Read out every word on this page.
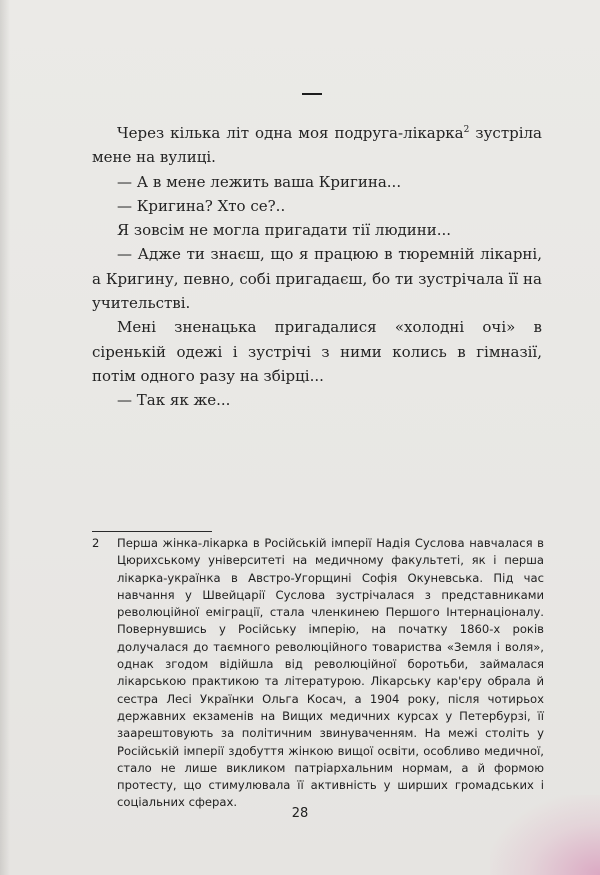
Через кілька літ одна моя подруга-лікарка$^2$ зустріла мене на вулиці.

— А в мене лежить ваша Кригина...

— Кригина? Хто се?..

Я зовсім не могла пригадати тії людини...

— Адже ти знаєш, що я працюю в тюремній лікарні, а Кригину, певно, собі пригадаєш, бо ти зустрічала її на учительстві.

Мені зненацька пригадалися «холодні очі» в сіренькій одежі і зустрічі з ними колись в гімназії, потім одного разу на збірці...

— Так як же...

2	Перша жінка-лікарка в Російській імперії Надія Суслова навчалася в Цюрихському університеті на медичному факультеті, як і перша лікарка-українка в Австро-Угорщині Софія Окуневська. Під час навчання у Швейцарії Суслова зустрічалася з представниками революційної еміграції, стала членкинею Першого Інтернаціоналу. Повернувшись у Російську імперію, на початку 1860-х років долучалася до таємного революційного товариства «Земля і воля», однак згодом відійшла від революційної боротьби, займалася лікарською практикою та літературою. Лікарську кар'єру обрала й сестра Лесі Українки Ольга Косач, а 1904 року, після чотирьох державних екзаменів на Вищих медичних курсах у Петербурзі, її заарештовують за політичним звинуваченням. На межі століть у Російській імперії здобуття жінкою вищої освіти, особливо медичної, стало не лише викликом патріархальним нормам, а й формою протесту, що стимулювала її активність у ширших громадських і соціальних сферах.
28
